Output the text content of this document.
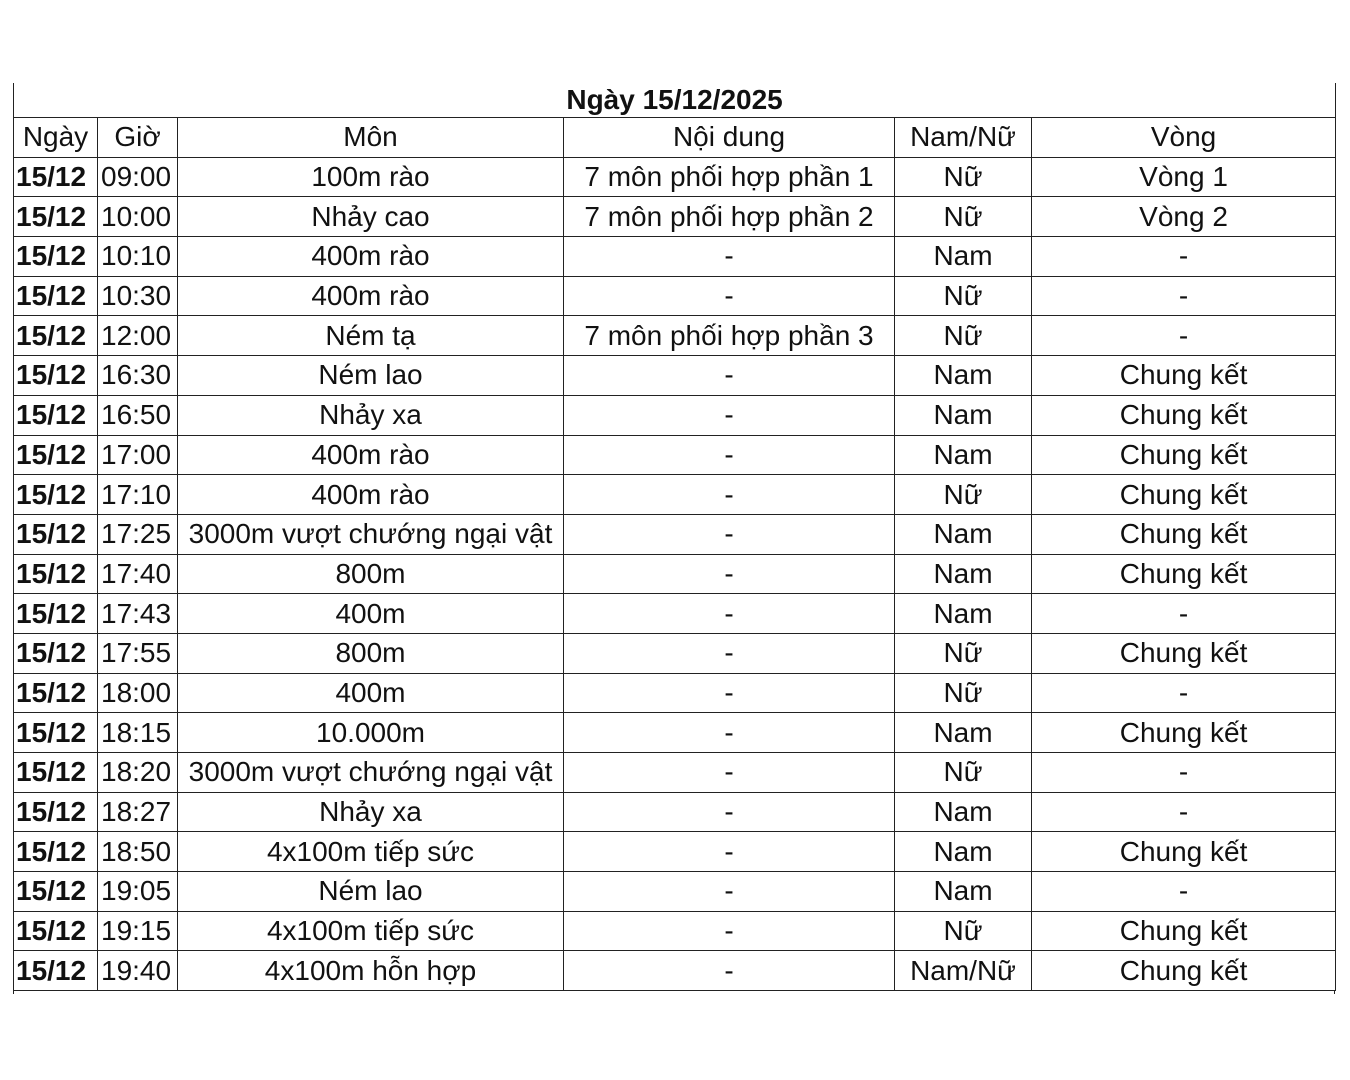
Ngày 15/12/2025					
Ngày	Giờ	Môn	Nội dung	Nam/Nữ	Vòng
15/12	09:00	100m rào	7 môn phối hợp phần 1	Nữ	Vòng 1
15/12	10:00	Nhảy cao	7 môn phối hợp phần 2	Nữ	Vòng 2
15/12	10:10	400m rào	-	Nam	-
15/12	10:30	400m rào	-	Nữ	-
15/12	12:00	Ném tạ	7 môn phối hợp phần 3	Nữ	-
15/12	16:30	Ném lao	-	Nam	Chung kết
15/12	16:50	Nhảy xa	-	Nam	Chung kết
15/12	17:00	400m rào	-	Nam	Chung kết
15/12	17:10	400m rào	-	Nữ	Chung kết
15/12	17:25	3000m vượt chướng ngại vật	-	Nam	Chung kết
15/12	17:40	800m	-	Nam	Chung kết
15/12	17:43	400m	-	Nam	-
15/12	17:55	800m	-	Nữ	Chung kết
15/12	18:00	400m	-	Nữ	-
15/12	18:15	10.000m	-	Nam	Chung kết
15/12	18:20	3000m vượt chướng ngại vật	-	Nữ	-
15/12	18:27	Nhảy xa	-	Nam	-
15/12	18:50	4x100m tiếp sức	-	Nam	Chung kết
15/12	19:05	Ném lao	-	Nam	-
15/12	19:15	4x100m tiếp sức	-	Nữ	Chung kết
15/12	19:40	4x100m hỗn hợp	-	Nam/Nữ	Chung kết
